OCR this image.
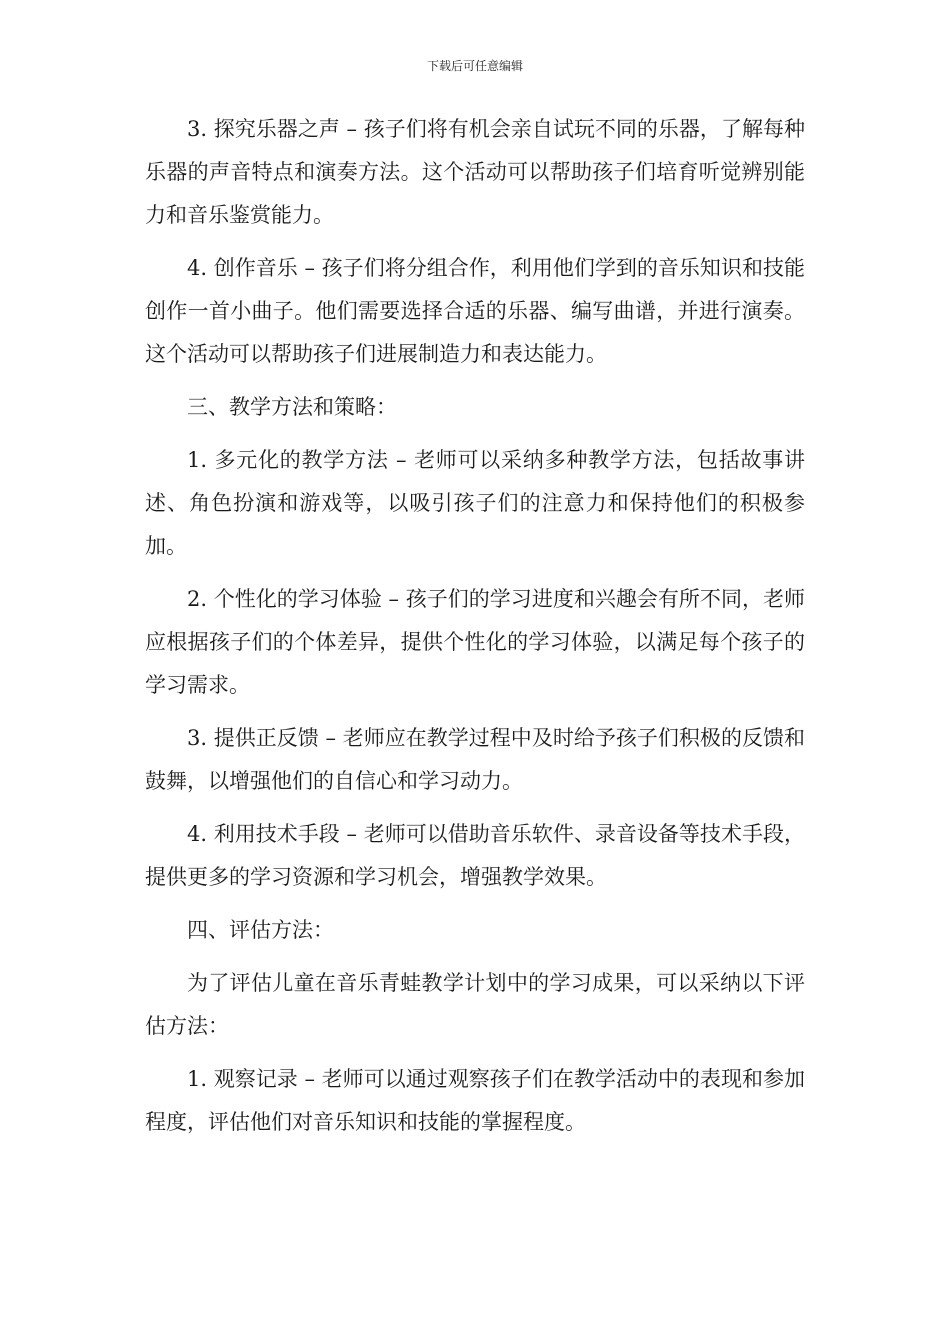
下载后可任意编辑

3. 探究乐器之声 – 孩子们将有机会亲自试玩不同的乐器，了解每种乐器的声音特点和演奏方法。这个活动可以帮助孩子们培育听觉辨别能力和音乐鉴赏能力。

4. 创作音乐 – 孩子们将分组合作，利用他们学到的音乐知识和技能创作一首小曲子。他们需要选择合适的乐器、编写曲谱，并进行演奏。这个活动可以帮助孩子们进展制造力和表达能力。

三、教学方法和策略：

1. 多元化的教学方法 – 老师可以采纳多种教学方法，包括故事讲述、角色扮演和游戏等，以吸引孩子们的注意力和保持他们的积极参加。

2. 个性化的学习体验 – 孩子们的学习进度和兴趣会有所不同，老师应根据孩子们的个体差异，提供个性化的学习体验，以满足每个孩子的学习需求。

3. 提供正反馈 – 老师应在教学过程中及时给予孩子们积极的反馈和鼓舞，以增强他们的自信心和学习动力。

4. 利用技术手段 – 老师可以借助音乐软件、录音设备等技术手段，提供更多的学习资源和学习机会，增强教学效果。

四、评估方法：

为了评估儿童在音乐青蛙教学计划中的学习成果，可以采纳以下评估方法：

1. 观察记录 – 老师可以通过观察孩子们在教学活动中的表现和参加程度，评估他们对音乐知识和技能的掌握程度。
